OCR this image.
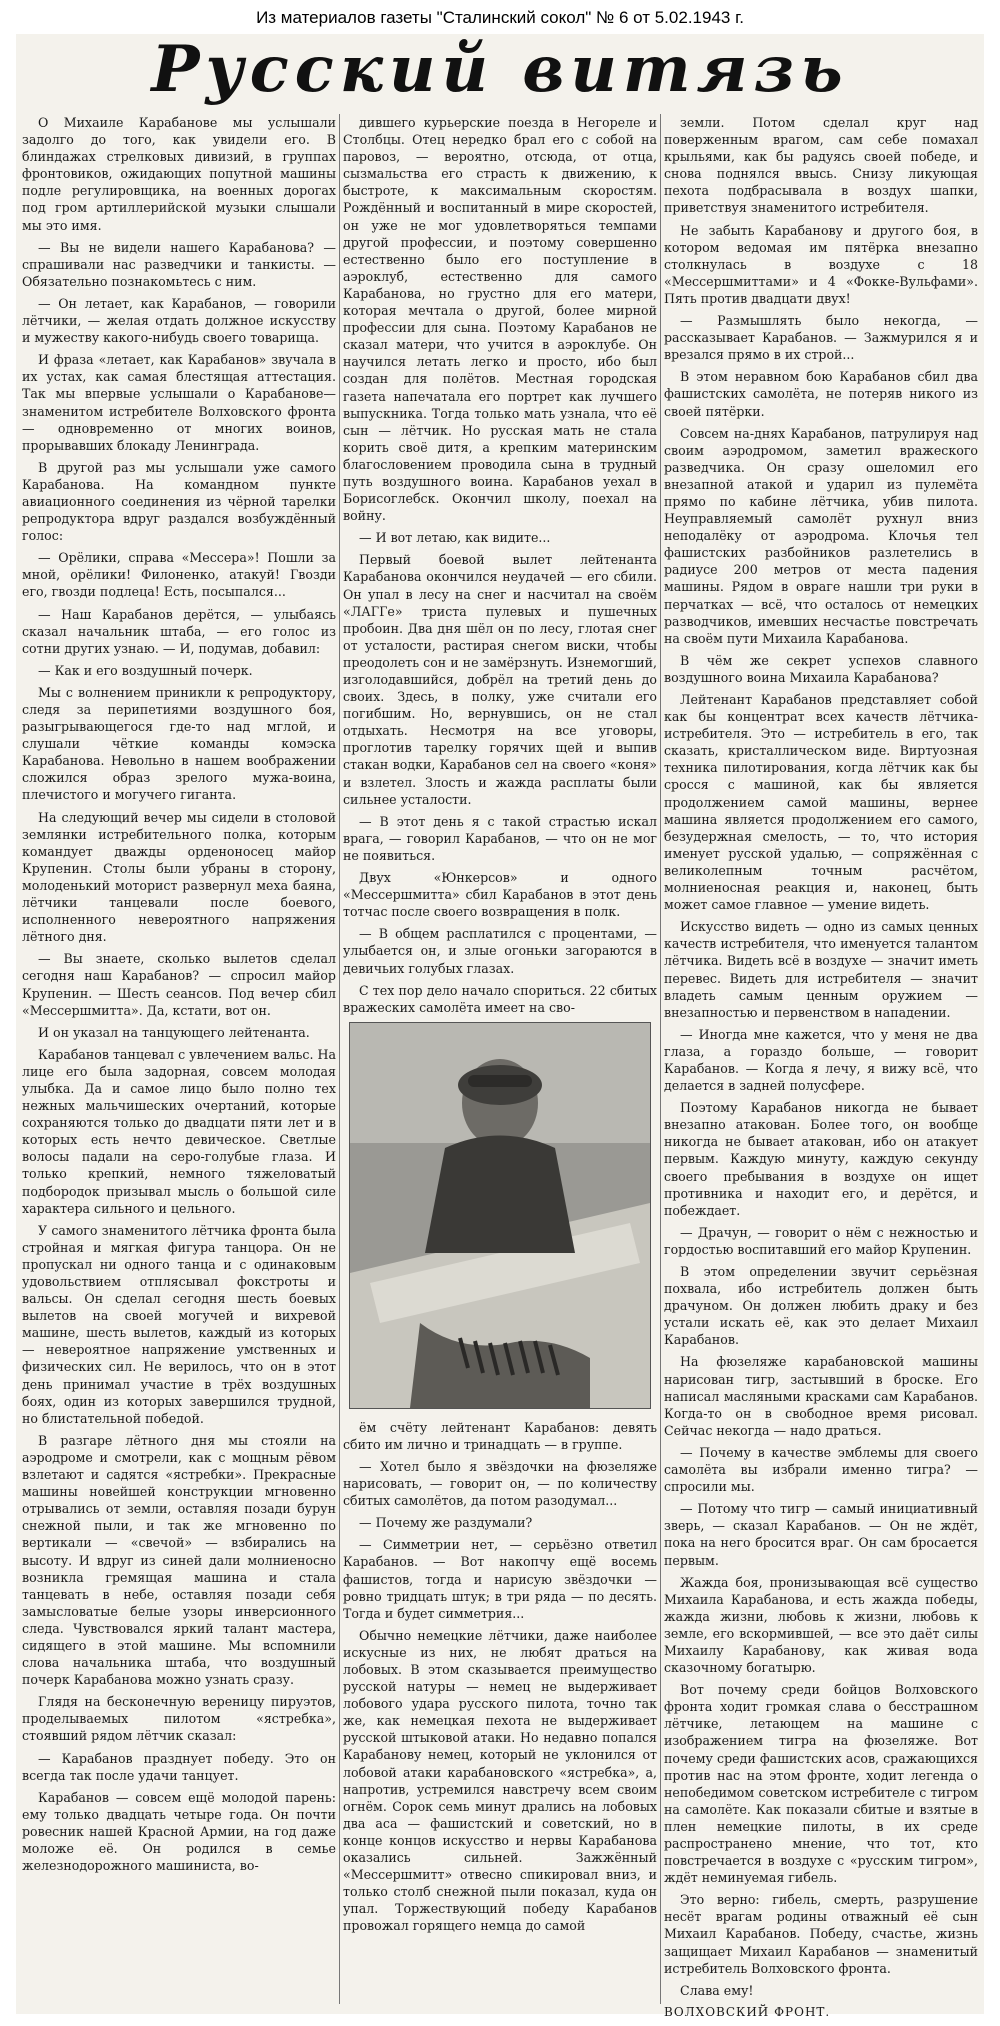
Из материалов газеты "Сталинский сокол" № 6 от 5.02.1943 г.
Русский витязь

О Михаиле Карабанове мы услышали задолго до того, как увидели его. В блиндажах стрелковых дивизий, в группах фронтовиков, ожидающих попутной машины подле регулировщика, на военных дорогах под гром артиллерийской музыки слышали мы это имя.

— Вы не видели нашего Карабанова? — спрашивали нас разведчики и танкисты. — Обязательно познакомьтесь с ним.

— Он летает, как Карабанов, — говорили лётчики, — желая отдать должное искусству и мужеству какого-нибудь своего товарища.

И фраза «летает, как Карабанов» звучала в их устах, как самая блестящая аттестация. Так мы впервые услышали о Карабанове—знаменитом истребителе Волховского фронта — одновременно от многих воинов, прорывавших блокаду Ленинграда.

В другой раз мы услышали уже самого Карабанова. На командном пункте авиационного соединения из чёрной тарелки репродуктора вдруг раздался возбуждённый голос:

— Орёлики, справа «Мессера»! Пошли за мной, орёлики! Филоненко, атакуй! Гвозди его, гвозди подлеца! Есть, посыпался...

— Наш Карабанов дерётся, — улыбаясь сказал начальник штаба, — его голос из сотни других узнаю. — И, подумав, добавил:

— Как и его воздушный почерк.

Мы с волнением приникли к репродуктору, следя за перипетиями воздушного боя, разыгрывающегося где-то над мглой, и слушали чёткие команды комэска Карабанова. Невольно в нашем воображении сложился образ зрелого мужа-воина, плечистого и могучего гиганта.

На следующий вечер мы сидели в столовой землянки истребительного полка, которым командует дважды орденоносец майор Крупенин. Столы были убраны в сторону, молоденький моторист развернул меха баяна, лётчики танцевали после боевого, исполненного невероятного напряжения лётного дня.

— Вы знаете, сколько вылетов сделал сегодня наш Карабанов? — спросил майор Крупенин. — Шесть сеансов. Под вечер сбил «Мессершмитта». Да, кстати, вот он.

И он указал на танцующего лейтенанта.

Карабанов танцевал с увлечением вальс. На лице его была задорная, совсем молодая улыбка. Да и самое лицо было полно тех нежных мальчишеских очертаний, которые сохраняются только до двадцати пяти лет и в которых есть нечто девическое. Светлые волосы падали на серо-голубые глаза. И только крепкий, немного тяжеловатый подбородок призывал мысль о большой силе характера сильного и цельного.

У самого знаменитого лётчика фронта была стройная и мягкая фигура танцора. Он не пропускал ни одного танца и с одинаковым удовольствием отплясывал фокстроты и вальсы. Он сделал сегодня шесть боевых вылетов на своей могучей и вихревой машине, шесть вылетов, каждый из которых — невероятное напряжение умственных и физических сил. Не верилось, что он в этот день принимал участие в трёх воздушных боях, один из которых завершился трудной, но блистательной победой.

В разгаре лётного дня мы стояли на аэродроме и смотрели, как с мощным рёвом взлетают и садятся «ястребки». Прекрасные машины новейшей конструкции мгновенно отрывались от земли, оставляя позади бурун снежной пыли, и так же мгновенно по вертикали — «свечой» — взбирались на высоту. И вдруг из синей дали молниеносно возникла гремящая машина и стала танцевать в небе, оставляя позади себя замысловатые белые узоры инверсионного следа. Чувствовался яркий талант мастера, сидящего в этой машине. Мы вспомнили слова начальника штаба, что воздушный почерк Карабанова можно узнать сразу.

Глядя на бесконечную вереницу пируэтов, проделываемых пилотом «ястребка», стоявший рядом лётчик сказал:

— Карабанов празднует победу. Это он всегда так после удачи танцует.

Карабанов — совсем ещё молодой парень: ему только двадцать четыре года. Он почти ровесник нашей Красной Армии, на год даже моложе её. Он родился в семье железнодорожного машиниста, во-

дившего курьерские поезда в Негореле и Столбцы. Отец нередко брал его с собой на паровоз, — вероятно, отсюда, от отца, сызмальства его страсть к движению, к быстроте, к максимальным скоростям. Рождённый и воспитанный в мире скоростей, он уже не мог удовлетворяться темпами другой профессии, и поэтому совершенно естественно было его поступление в аэроклуб, естественно для самого Карабанова, но грустно для его матери, которая мечтала о другой, более мирной профессии для сына. Поэтому Карабанов не сказал матери, что учится в аэроклубе. Он научился летать легко и просто, ибо был создан для полётов. Местная городская газета напечатала его портрет как лучшего выпускника. Тогда только мать узнала, что её сын — лётчик. Но русская мать не стала корить своё дитя, а крепким материнским благословением проводила сына в трудный путь воздушного воина. Карабанов уехал в Борисоглебск. Окончил школу, поехал на войну.

— И вот летаю, как видите...

Первый боевой вылет лейтенанта Карабанова окончился неудачей — его сбили. Он упал в лесу на снег и насчитал на своём «ЛАГГе» триста пулевых и пушечных пробоин. Два дня шёл он по лесу, глотая снег от усталости, растирая снегом виски, чтобы преодолеть сон и не замёрзнуть. Изнемогший, изголодавшийся, добрёл на третий день до своих. Здесь, в полку, уже считали его погибшим. Но, вернувшись, он не стал отдыхать. Несмотря на все уговоры, проглотив тарелку горячих щей и выпив стакан водки, Карабанов сел на своего «коня» и взлетел. Злость и жажда расплаты были сильнее усталости.

— В этот день я с такой страстью искал врага, — говорил Карабанов, — что он не мог не появиться.

Двух «Юнкерсов» и одного «Мессершмитта» сбил Карабанов в этот день тотчас после своего возвращения в полк.

— В общем расплатился с процентами, — улыбается он, и злые огоньки загораются в девичьих голубых глазах.

С тех пор дело начало спориться. 22 сбитых вражеских самолёта имеет на сво-

ём счёту лейтенант Карабанов: девять сбито им лично и тринадцать — в группе.

— Хотел было я звёздочки на фюзеляже нарисовать, — говорит он, — по количеству сбитых самолётов, да потом разодумал...

— Почему же раздумали?

— Симметрии нет, — серьёзно ответил Карабанов. — Вот накопчу ещё восемь фашистов, тогда и нарисую звёздочки — ровно тридцать штук; в три ряда — по десять. Тогда и будет симметрия...

Обычно немецкие лётчики, даже наиболее искусные из них, не любят драться на лобовых. В этом сказывается преимущество русской натуры — немец не выдерживает лобового удара русского пилота, точно так же, как немецкая пехота не выдерживает русской штыковой атаки. Но недавно попался Карабанову немец, который не уклонился от лобовой атаки карабановского «ястребка», а, напротив, устремился навстречу всем своим огнём. Сорок семь минут дрались на лобовых два аса — фашистский и советский, но в конце концов искусство и нервы Карабанова оказались сильней. Зажжённый «Мессершмитт» отвесно спикировал вниз, и только столб снежной пыли показал, куда он упал. Торжествующий победу Карабанов провожал горящего немца до самой

земли. Потом сделал круг над поверженным врагом, сам себе помахал крыльями, как бы радуясь своей победе, и снова поднялся ввысь. Снизу ликующая пехота подбрасывала в воздух шапки, приветствуя знаменитого истребителя.

Не забыть Карабанову и другого боя, в котором ведомая им пятёрка внезапно столкнулась в воздухе с 18 «Мессершмиттами» и 4 «Фокке-Вульфами». Пять против двадцати двух!

— Размышлять было некогда, — рассказывает Карабанов. — Зажмурился я и врезался прямо в их строй...

В этом неравном бою Карабанов сбил два фашистских самолёта, не потеряв никого из своей пятёрки.

Совсем на-днях Карабанов, патрулируя над своим аэродромом, заметил вражеского разведчика. Он сразу ошеломил его внезапной атакой и ударил из пулемёта прямо по кабине лётчика, убив пилота. Неуправляемый самолёт рухнул вниз неподалёку от аэродрома. Клочья тел фашистских разбойников разлетелись в радиусе 200 метров от места падения машины. Рядом в овраге нашли три руки в перчатках — всё, что осталось от немецких разводчиков, имевших несчастье повстречать на своём пути Михаила Карабанова.

В чём же секрет успехов славного воздушного воина Михаила Карабанова?

Лейтенант Карабанов представляет собой как бы концентрат всех качеств лётчика-истребителя. Это — истребитель в его, так сказать, кристаллическом виде. Виртуозная техника пилотирования, когда лётчик как бы сросся с машиной, как бы является продолжением самой машины, вернее машина является продолжением его самого, безудержная смелость, — то, что история именует русской удалью, — сопряжённая с великолепным точным расчётом, молниеносная реакция и, наконец, быть может самое главное — умение видеть.

Искусство видеть — одно из самых ценных качеств истребителя, что именуется талантом лётчика. Видеть всё в воздухе — значит иметь перевес. Видеть для истребителя — значит владеть самым ценным оружием — внезапностью и первенством в нападении.

— Иногда мне кажется, что у меня не два глаза, а гораздо больше, — говорит Карабанов. — Когда я лечу, я вижу всё, что делается в задней полусфере.

Поэтому Карабанов никогда не бывает внезапно атакован. Более того, он вообще никогда не бывает атакован, ибо он атакует первым. Каждую минуту, каждую секунду своего пребывания в воздухе он ищет противника и находит его, и дерётся, и побеждает.

— Драчун, — говорит о нём с нежностью и гордостью воспитавший его майор Крупенин.

В этом определении звучит серьёзная похвала, ибо истребитель должен быть драчуном. Он должен любить драку и без устали искать её, как это делает Михаил Карабанов.

На фюзеляже карабановской машины нарисован тигр, застывший в броске. Его написал масляными красками сам Карабанов. Когда-то он в свободное время рисовал. Сейчас некогда — надо драться.

— Почему в качестве эмблемы для своего самолёта вы избрали именно тигра? — спросили мы.

— Потому что тигр — самый инициативный зверь, — сказал Карабанов. — Он не ждёт, пока на него бросится враг. Он сам бросается первым.

Жажда боя, пронизывающая всё существо Михаила Карабанова, и есть жажда победы, жажда жизни, любовь к жизни, любовь к земле, его вскормившей, — все это даёт силы Михаилу Карабанову, как живая вода сказочному богатырю.

Вот почему среди бойцов Волховского фронта ходит громкая слава о бесстрашном лётчике, летающем на машине с изображением тигра на фюзеляже. Вот почему среди фашистских асов, сражающихся против нас на этом фронте, ходит легенда о непобедимом советском истребителе с тигром на самолёте. Как показали сбитые и взятые в плен немецкие пилоты, в их среде распространено мнение, что тот, кто повстречается в воздухе с «русским тигром», ждёт неминуемая гибель.

Это верно: гибель, смерть, разрушение несёт врагам родины отважный её сын Михаил Карабанов. Победу, счастье, жизнь защищает Михаил Карабанов — знаменитый истребитель Волховского фронта.

Слава ему!

ВОЛХОВСКИЙ ФРОНТ.
